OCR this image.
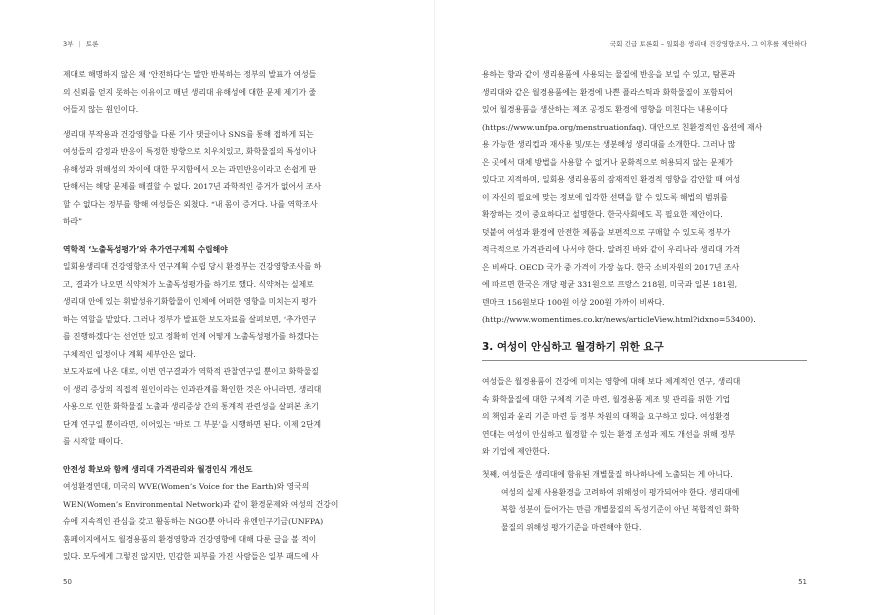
3부 | 토론
제대로 해명하지 않은 채 ‘안전하다’는 말만 반복하는 정부의 발표가 여성들
의 신뢰를 얻지 못하는 이유이고 매년 생리대 유해성에 대한 문제 제기가 줄
어들지 않는 원인이다.
생리대 부작용과 건강영향을 다룬 기사 댓글이나 SNS를 통해 접하게 되는
여성들의 감정과 반응이 특정한 방향으로 치우치있고, 화학물질의 특성이나
유해성과 위해성의 차이에 대한 무지함에서 오는 과민반응이라고 손쉽게 판
단해서는 해당 문제를 해결할 수 없다. 2017년 과학적인 증거가 없어서 조사
할 수 없다는 정부를 향해 여성들은 외쳤다. “내 몸이 증거다. 나를 역학조사
하라”
역학적 ‘노출독성평가’와 추가연구계획 수립해야
일회용생리대 건강영향조사 연구계획 수립 당시 환경부는 건강영향조사를 하
고, 결과가 나오면 식약처가 노출독성평가를 하기로 했다. 식약처는 실제로
생리대 안에 있는 휘발성유기화합물이 인체에 어떠한 영향을 미치는지 평가
하는 역할을 맡았다. 그러나 정부가 발표한 보도자료를 살펴보면, ‘추가연구
를 진행하겠다’는 선언만 있고 정확히 언제 어떻게 노출독성평가를 하겠다는
구체적인 일정이나 계획 세부안은 없다.
보도자료에 나온 대로, 이번 연구결과가 역학적 관찰연구일 뿐이고 화학물질
이 생리 증상의 직접적 원인이라는 인과관계를 확인한 것은 아니라면, 생리대
사용으로 인한 화학물질 노출과 생리증상 간의 통계적 관련성을 살펴본 초기
단계 연구일 뿐이라면, 이어있는 ‘바로 그 부분’을 시행하면 된다. 이제 2단계
를 시작할 때이다.
안전성 확보와 함께 생리대 가격관리와 월경인식 개선도
여성환경연대, 미국의 WVE(Women’s Voice for the Earth)와 영국의
WEN(Women’s Environmental Network)과 같이 환경문제와 여성의 건강이
슈에 지속적인 관심을 갖고 활동하는 NGO뿐 아니라 유엔인구기금(UNFPA)
홈페이지에서도 월경용품의 환경영향과 건강영향에 대해 다룬 글을 볼 적이
있다. 모두에게 그렇진 않지만, 민감한 피부를 가진 사람들은 일부 패드에 사
50
국회 긴급 토론회 – 일회용 생리대 건강영향조사, 그 이후를 제안하다
용하는 향과 같이 생리용품에 사용되는 물질에 반응을 보일 수 있고, 탐폰과
생리대와 같은 월경용품에는 환경에 나쁜 플라스틱과 화학물질이 포함되어
있어 월경용품을 생산하는 제조 공정도 환경에 영향을 미친다는 내용이다
(https://www.unfpa.org/menstruationfaq). 대안으로 친환경적인 옵션에 재사
용 가능한 생리컵과 재사용 및/또는 생분해성 생리대를 소개한다. 그러나 많
은 곳에서 대체 방법을 사용할 수 없거나 문화적으로 허용되지 않는 문제가
있다고 지적하며, 일회용 생리용품의 잠재적인 환경적 영향을 감안할 때 여성
이 자신의 필요에 맞는 정보에 입각한 선택을 할 수 있도록 해법의 범위를
확장하는 것이 중요하다고 설명한다. 한국사회에도 꼭 필요한 제안이다.
덧붙여 여성과 환경에 안전한 제품을 보편적으로 구매할 수 있도록 정부가
적극적으로 가격관리에 나서야 한다. 알려진 바와 같이 우리나라 생리대 가격
은 비싸다. OECD 국가 중 가격이 가장 높다. 한국 소비자원의 2017년 조사
에 따르면 한국은 개당 평균 331원으로 프랑스 218원, 미국과 일본 181원,
덴마크 156원보다 100원 이상 200원 가까이 비싸다.
(http://www.womentimes.co.kr/news/articleView.html?idxno=53400).
3. 여성이 안심하고 월경하기 위한 요구
여성들은 월경용품이 건강에 미치는 영향에 대해 보다 체계적인 연구, 생리대
속 화학물질에 대한 구체적 기준 마련, 월경용품 제조 및 관리를 위한 기업
의 책임과 윤리 기준 마련 등 정부 차원의 대책을 요구하고 있다. 여성환경
연대는 여성이 안심하고 월경할 수 있는 환경 조성과 제도 개선을 위해 정부
와 기업에 제안한다.
첫째, 여성들은 생리대에 함유된 개별물질 하나하나에 노출되는 게 아니다.
여성의 실제 사용환경을 고려하여 위해성이 평가되어야 한다. 생리대에
복합 성분이 들어가는 만큼 개별물질의 독성기준이 아닌 복합적인 화학
물질의 위해성 평가기준을 마련해야 한다.
51
